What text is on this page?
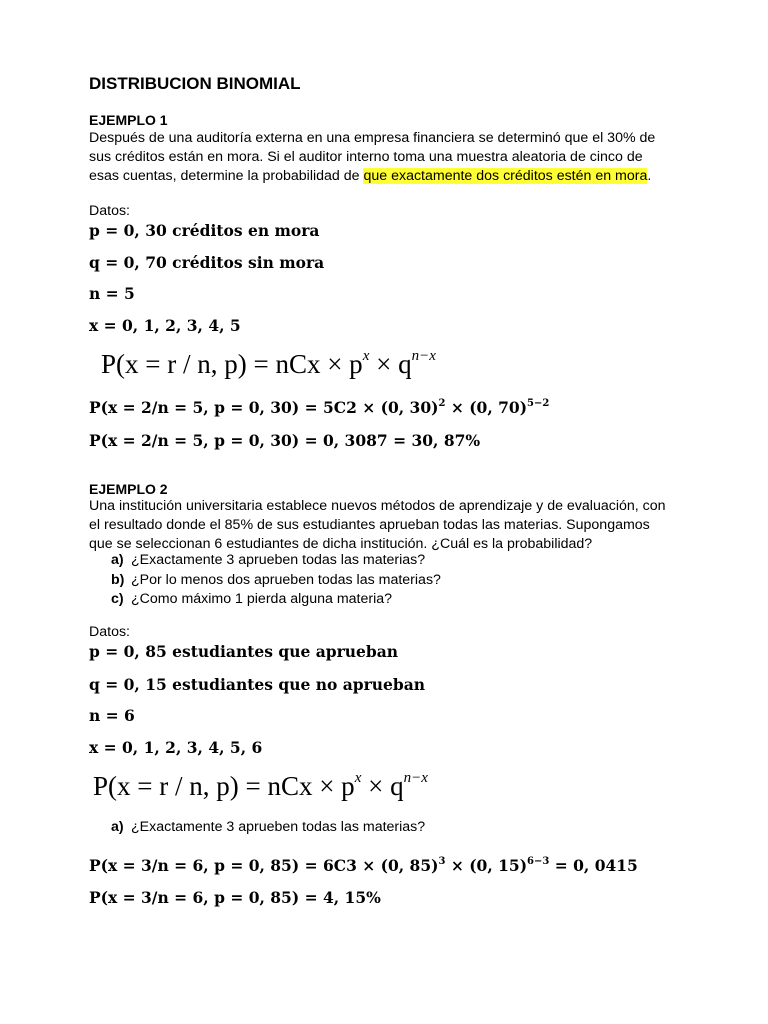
DISTRIBUCION BINOMIAL
EJEMPLO 1
Después de una auditoría externa en una empresa financiera se determinó que el 30% de
sus créditos están en mora. Si el auditor interno toma una muestra aleatoria de cinco de
esas cuentas, determine la probabilidad de que exactamente dos créditos estén en mora.
Datos:
p = 0, 30 créditos en mora
q = 0, 70 créditos sin mora
n = 5
x = 0, 1, 2, 3, 4, 5
P(x = r / n, p) = nCx × $p^x \times q^{n-x}$
P(x = 2/n = 5, p = 0, 30) = 5C2 × (0, 30)$^2$ × (0, 70)$^{5-2}$
P(x = 2/n = 5, p = 0, 30) = 0, 3087 = 30, 87%
EJEMPLO 2
Una institución universitaria establece nuevos métodos de aprendizaje y de evaluación, con
el resultado donde el 85% de sus estudiantes aprueban todas las materias. Supongamos
que se seleccionan 6 estudiantes de dicha institución. ¿Cuál es la probabilidad?
a) ¿Exactamente 3 aprueben todas las materias?
b) ¿Por lo menos dos aprueben todas las materias?
c) ¿Como máximo 1 pierda alguna materia?
Datos:
p = 0, 85 estudiantes que aprueban
q = 0, 15 estudiantes que no aprueban
n = 6
x = 0, 1, 2, 3, 4, 5, 6
P(x = r / n, p) = nCx × $p^x \times q^{n-x}$
a) ¿Exactamente 3 aprueben todas las materias?
P(x = 3/n = 6, p = 0, 85) = 6C3 × (0, 85)$^3$ × (0, 15)$^{6-3}$ = 0, 0415
P(x = 3/n = 6, p = 0, 85) = 4, 15%
